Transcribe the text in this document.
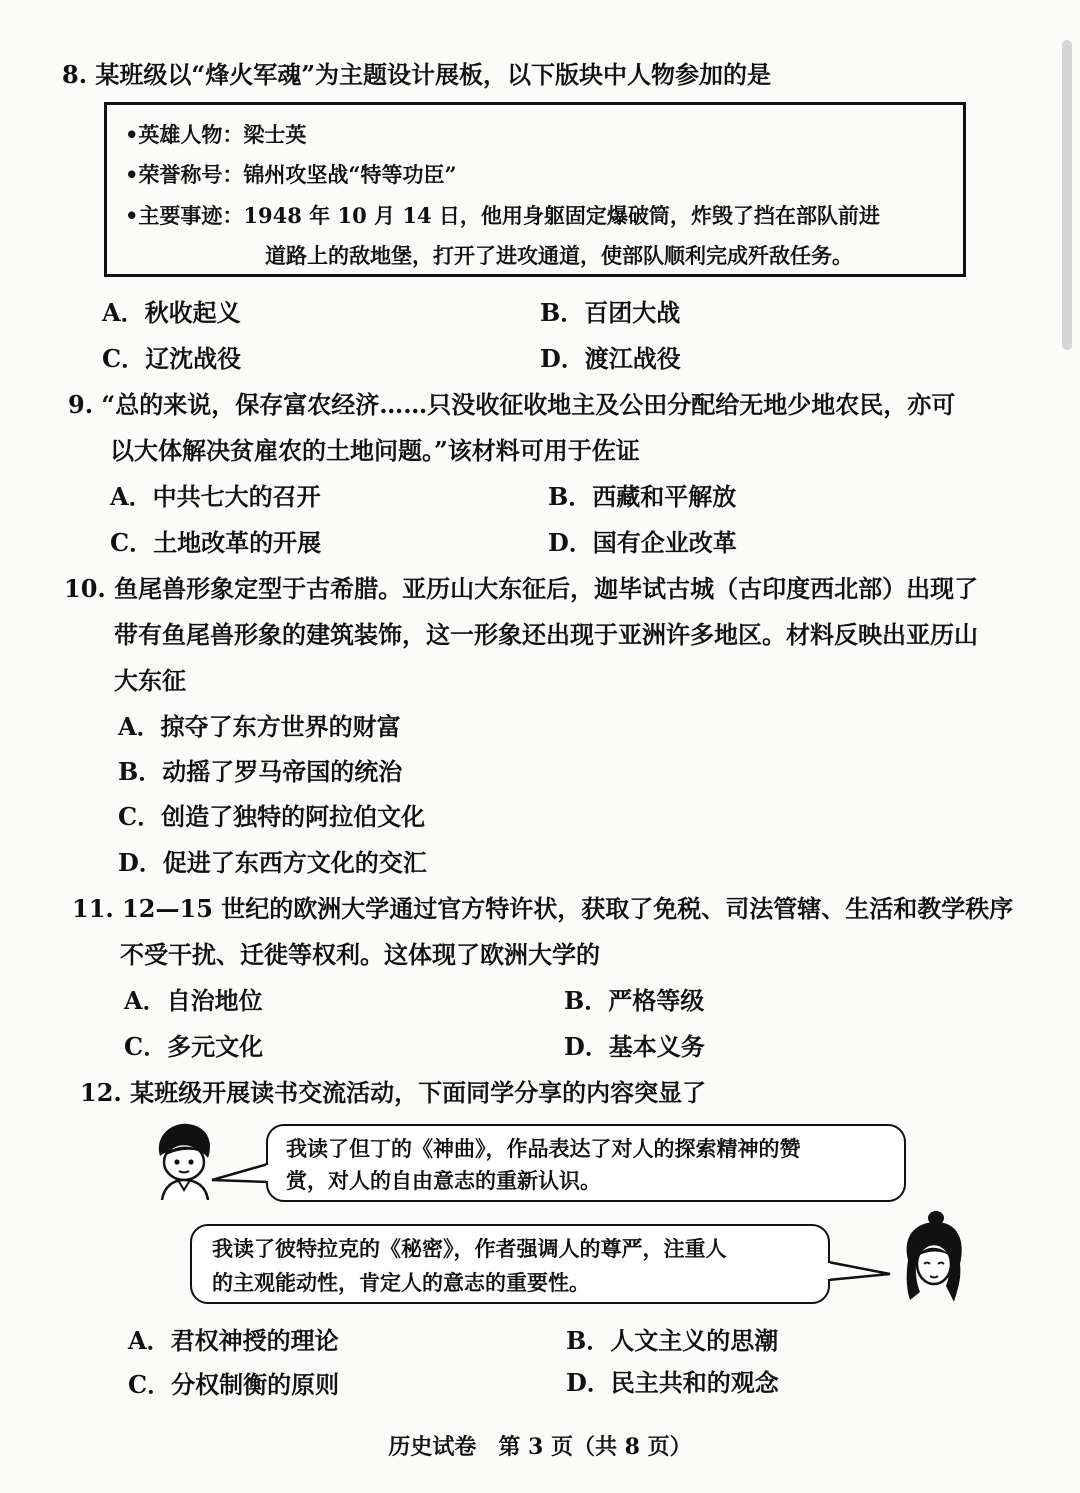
8. 某班级以“烽火军魂”为主题设计展板，以下版块中人物参加的是
•英雄人物：梁士英
•荣誉称号：锦州攻坚战“特等功臣”
•主要事迹：1948 年 10 月 14 日，他用身躯固定爆破筒，炸毁了挡在部队前进
道路上的敌地堡，打开了进攻通道，使部队顺利完成歼敌任务。
A．秋收起义	B．百团大战
C．辽沈战役	D．渡江战役
9. “总的来说，保存富农经济……只没收征收地主及公田分配给无地少地农民，亦可
以大体解决贫雇农的土地问题。”该材料可用于佐证
A．中共七大的召开	B．西藏和平解放
C．土地改革的开展	D．国有企业改革
10. 鱼尾兽形象定型于古希腊。亚历山大东征后，迦毕试古城（古印度西北部）出现了
带有鱼尾兽形象的建筑装饰，这一形象还出现于亚洲许多地区。材料反映出亚历山
大东征
A．掠夺了东方世界的财富
B．动摇了罗马帝国的统治
C．创造了独特的阿拉伯文化
D．促进了东西方文化的交汇
11. 12—15 世纪的欧洲大学通过官方特许状，获取了免税、司法管辖、生活和教学秩序
不受干扰、迁徙等权利。这体现了欧洲大学的
A．自治地位	B．严格等级
C．多元文化	D．基本义务
12. 某班级开展读书交流活动，下面同学分享的内容突显了
我读了但丁的《神曲》，作品表达了对人的探索精神的赞
赏，对人的自由意志的重新认识。
我读了彼特拉克的《秘密》，作者强调人的尊严，注重人
的主观能动性，肯定人的意志的重要性。
A．君权神授的理论	B．人文主义的思潮
C．分权制衡的原则	D．民主共和的观念
历史试卷　第 3 页（共 8 页）
